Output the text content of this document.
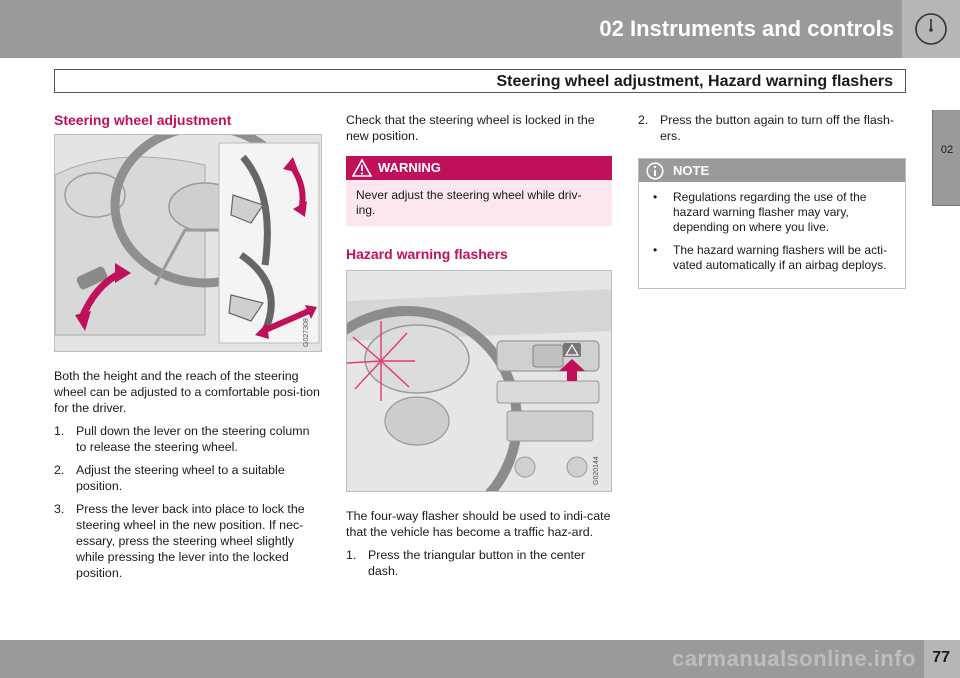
02 Instruments and controls
Steering wheel adjustment, Hazard warning flashers
02
Steering wheel adjustment
G027308

Both the height and the reach of the steering wheel can be adjusted to a comfortable posi-tion for the driver.

1. Pull down the lever on the steering column to release the steering wheel.
2. Adjust the steering wheel to a suitable position.
3. Press the lever back into place to lock the steering wheel in the new position. If nec-essary, press the steering wheel slightly while pressing the lever into the locked position.

Check that the steering wheel is locked in the new position.

WARNING
Never adjust the steering wheel while driv-ing.
Hazard warning flashers
G020144

The four-way flasher should be used to indi-cate that the vehicle has become a traffic haz-ard.

1. Press the triangular button in the center dash.
2. Press the button again to turn off the flash-ers.
NOTE
• Regulations regarding the use of the hazard warning flasher may vary, depending on where you live.
• The hazard warning flashers will be acti-vated automatically if an airbag deploys.
carmanualsonline.info 77
